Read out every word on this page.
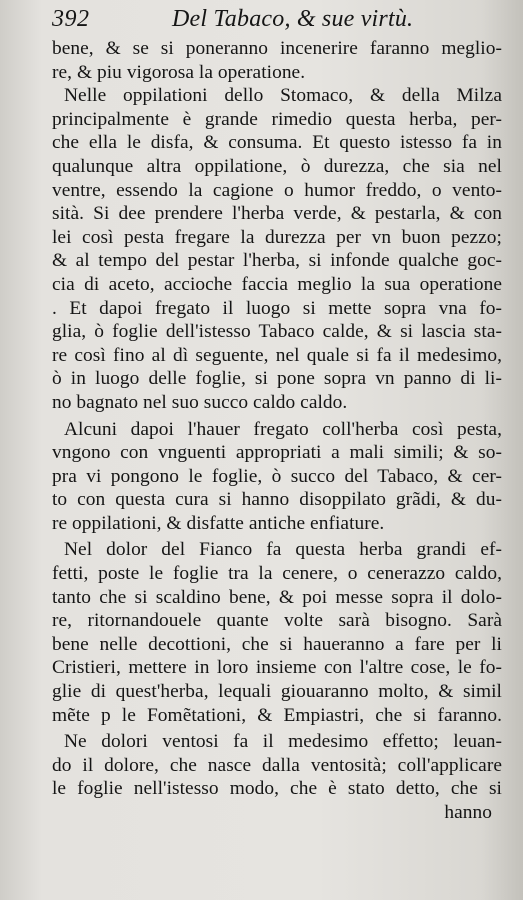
392	Del Tabaco, & sue virtù.
bene, & se si poneranno incenerire faranno meglio-
re, & piu vigorosa la operatione.
Nelle oppilationi dello Stomaco, & della Milza
principalmente è grande rimedio questa herba, per-
che ella le disfa, & consuma. Et questo istesso fa in
qualunque altra oppilatione, ò durezza, che sia nel
ventre, essendo la cagione o humor freddo, o vento-
sità. Si dee prendere l'herba verde, & pestarla, & con
lei così pesta fregare la durezza per vn buon pezzo;
& al tempo del pestar l'herba, si infonde qualche goc-
cia di aceto, accioche faccia meglio la sua operatione
. Et dapoi fregato il luogo si mette sopra vna fo-
glia, ò foglie dell'istesso Tabaco calde, & si lascia sta-
re così fino al dì seguente, nel quale si fa il medesimo,
ò in luogo delle foglie, si pone sopra vn panno di li-
no bagnato nel suo succo caldo caldo.
Alcuni dapoi l'hauer fregato coll'herba così pesta,
vngono con vnguenti appropriati a mali simili; & so-
pra vi pongono le foglie, ò succo del Tabaco, & cer-
to con questa cura si hanno disoppilato grãdi, & du-
re oppilationi, & disfatte antiche enfiature.
Nel dolor del Fianco fa questa herba grandi ef-
fetti, poste le foglie tra la cenere, o cenerazzo caldo,
tanto che si scaldino bene, & poi messe sopra il dolo-
re, ritornandouele quante volte sarà bisogno. Sarà
bene nelle decottioni, che si haueranno a fare per li
Cristieri, mettere in loro insieme con l'altre cose, le fo-
glie di quest'herba, lequali giouaranno molto, & simil
mẽte p le Fomẽtationi, & Empiastri, che si faranno.
Ne dolori ventosi fa il medesimo effetto; leuan-
do il dolore, che nasce dalla ventosità; coll'applicare
le foglie nell'istesso modo, che è stato detto, che si
hanno
